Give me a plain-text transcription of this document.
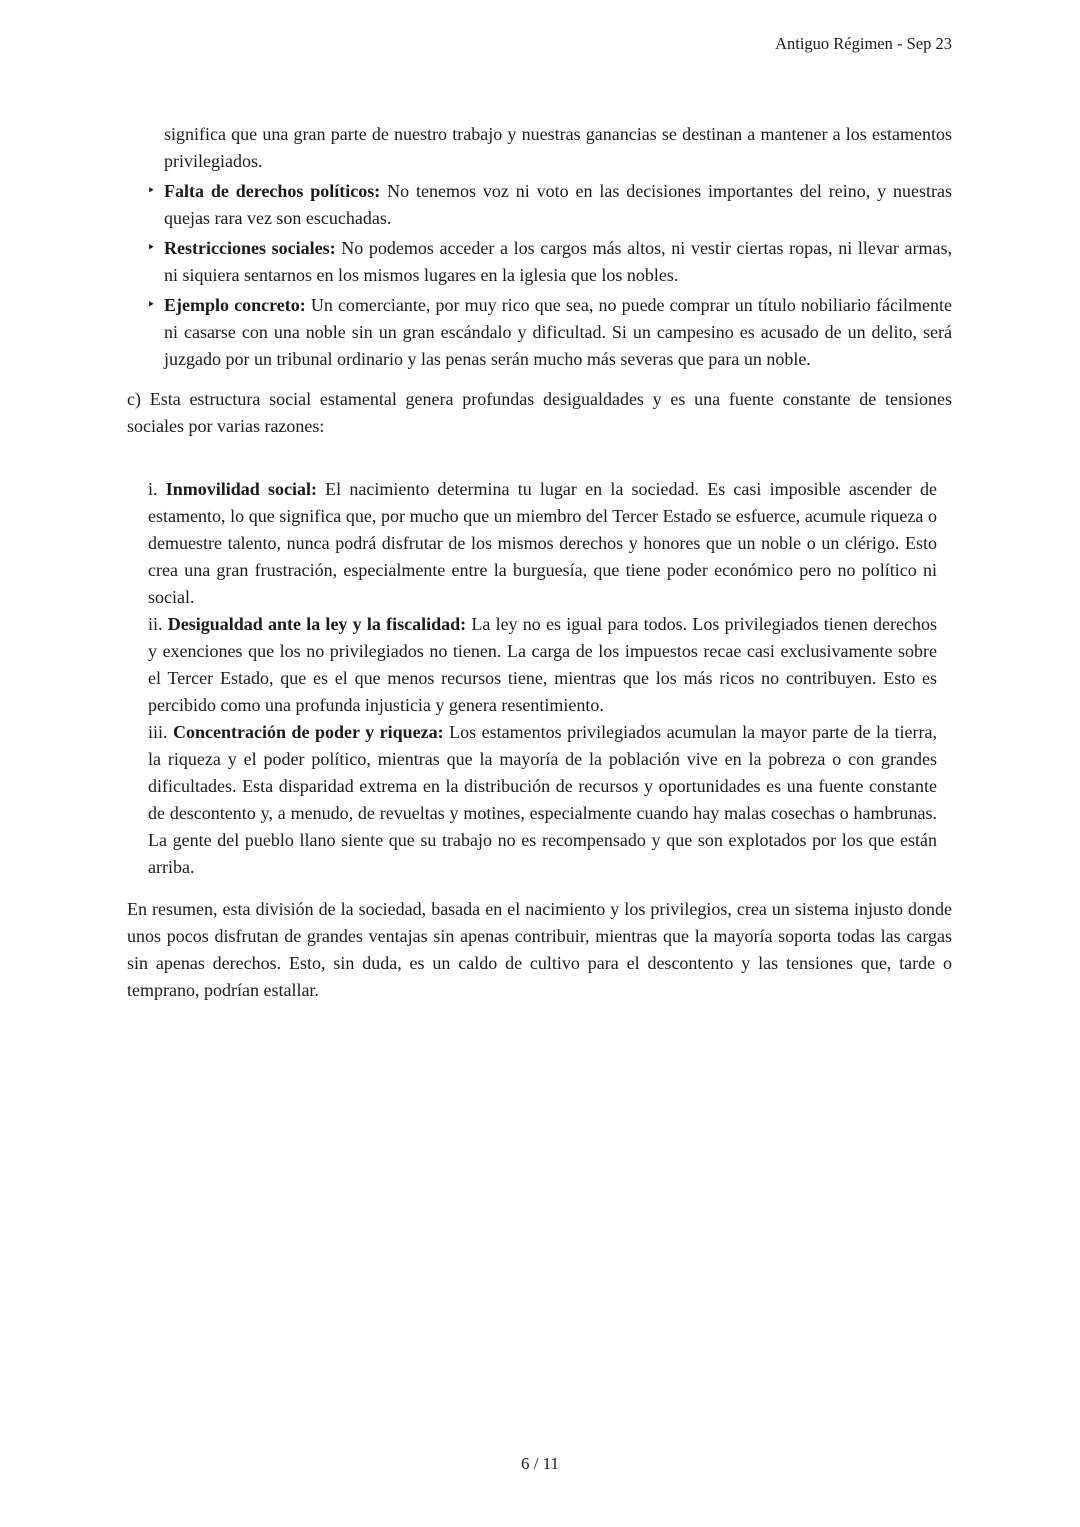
Antiguo Régimen - Sep 23

significa que una gran parte de nuestro trabajo y nuestras ganancias se destinan a mantener a los estamentos privilegiados.

‣ Falta de derechos políticos: No tenemos voz ni voto en las decisiones importantes del reino, y nuestras quejas rara vez son escuchadas.
‣ Restricciones sociales: No podemos acceder a los cargos más altos, ni vestir ciertas ropas, ni llevar armas, ni siquiera sentarnos en los mismos lugares en la iglesia que los nobles.
‣ Ejemplo concreto: Un comerciante, por muy rico que sea, no puede comprar un título nobiliario fácilmente ni casarse con una noble sin un gran escándalo y dificultad. Si un campesino es acusado de un delito, será juzgado por un tribunal ordinario y las penas serán mucho más severas que para un noble.

c) Esta estructura social estamental genera profundas desigualdades y es una fuente constante de tensiones sociales por varias razones:

i. Inmovilidad social: El nacimiento determina tu lugar en la sociedad. Es casi imposible ascender de estamento, lo que significa que, por mucho que un miembro del Tercer Estado se esfuerce, acumule riqueza o demuestre talento, nunca podrá disfrutar de los mismos derechos y honores que un noble o un clérigo. Esto crea una gran frustración, especialmente entre la burguesía, que tiene poder económico pero no político ni social.
ii. Desigualdad ante la ley y la fiscalidad: La ley no es igual para todos. Los privilegiados tienen derechos y exenciones que los no privilegiados no tienen. La carga de los impuestos recae casi exclusivamente sobre el Tercer Estado, que es el que menos recursos tiene, mientras que los más ricos no contribuyen. Esto es percibido como una profunda injusticia y genera resentimiento.
iii. Concentración de poder y riqueza: Los estamentos privilegiados acumulan la mayor parte de la tierra, la riqueza y el poder político, mientras que la mayoría de la población vive en la pobreza o con grandes dificultades. Esta disparidad extrema en la distribución de recursos y oportunidades es una fuente constante de descontento y, a menudo, de revueltas y motines, especialmente cuando hay malas cosechas o hambrunas. La gente del pueblo llano siente que su trabajo no es recompensado y que son explotados por los que están arriba.

En resumen, esta división de la sociedad, basada en el nacimiento y los privilegios, crea un sistema injusto donde unos pocos disfrutan de grandes ventajas sin apenas contribuir, mientras que la mayoría soporta todas las cargas sin apenas derechos. Esto, sin duda, es un caldo de cultivo para el descontento y las tensiones que, tarde o temprano, podrían estallar.

6 / 11
